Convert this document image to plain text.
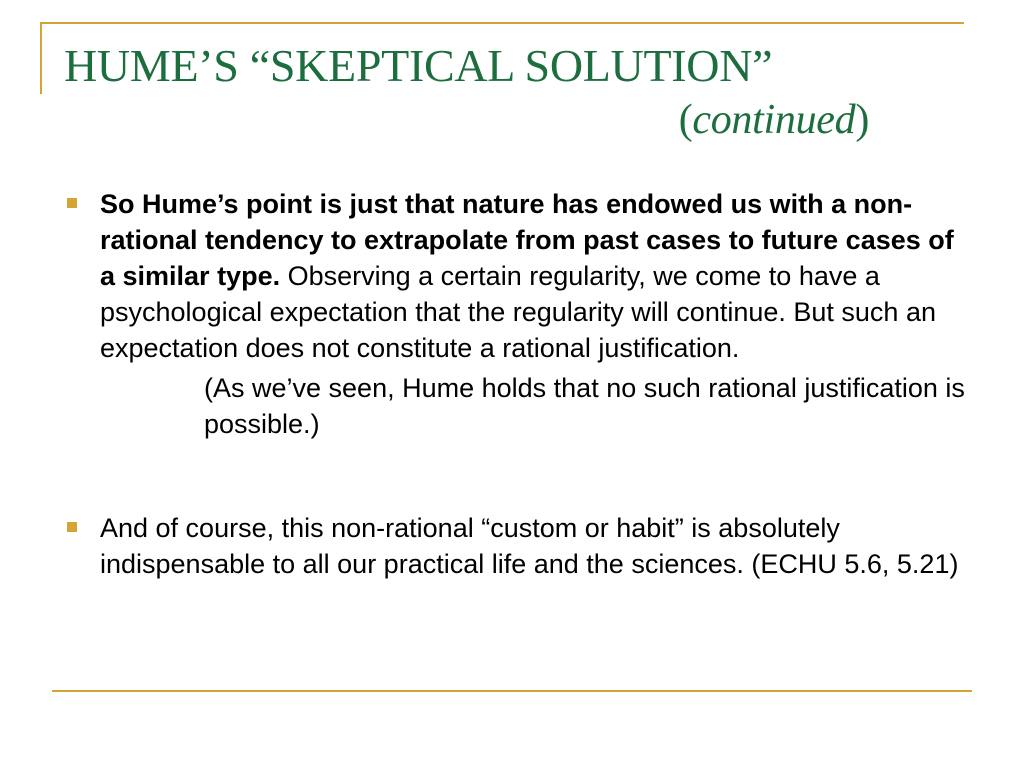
HUME’S “SKEPTICAL SOLUTION”
(continued)
So Hume’s point is just that nature has endowed us with a non-rational tendency to extrapolate from past cases to future cases of a similar type. Observing a certain regularity, we come to have a psychological expectation that the regularity will continue. But such an expectation does not constitute a rational justification.
(As we’ve seen, Hume holds that no such rational justification is possible.)
And of course, this non-rational “custom or habit” is absolutely indispensable to all our practical life and the sciences. (ECHU 5.6, 5.21)
